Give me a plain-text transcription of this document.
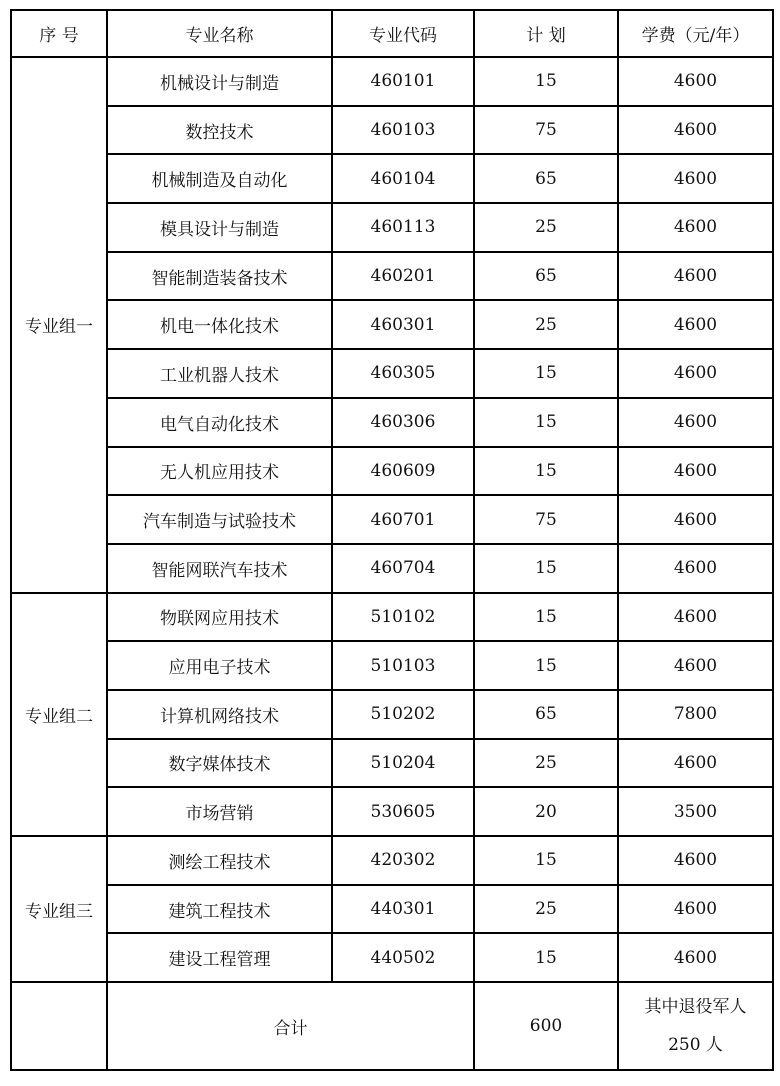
序 号	专业名称	专业代码	计 划	学费（元/年）
专业组一	机械设计与制造	460101	15	4600
	数控技术	460103	75	4600
	机械制造及自动化	460104	65	4600
	模具设计与制造	460113	25	4600
	智能制造装备技术	460201	65	4600
	机电一体化技术	460301	25	4600
	工业机器人技术	460305	15	4600
	电气自动化技术	460306	15	4600
	无人机应用技术	460609	15	4600
	汽车制造与试验技术	460701	75	4600
	智能网联汽车技术	460704	15	4600
专业组二	物联网应用技术	510102	15	4600
	应用电子技术	510103	15	4600
	计算机网络技术	510202	65	7800
	数字媒体技术	510204	25	4600
	市场营销	530605	20	3500
专业组三	测绘工程技术	420302	15	4600
	建筑工程技术	440301	25	4600
	建设工程管理	440502	15	4600
	合计		600	其中退役军人
250 人
